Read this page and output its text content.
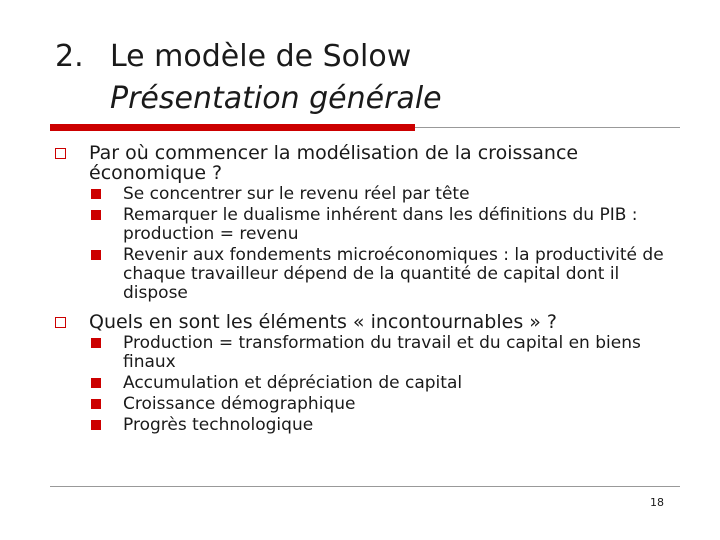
2. Le modèle de Solow
Présentation générale
Par où commencer la modélisation de la croissance économique ?
Se concentrer sur le revenu réel par tête
Remarquer le dualisme inhérent dans les définitions du PIB : production = revenu
Revenir aux fondements microéconomiques : la productivité de chaque travailleur dépend de la quantité de capital dont il dispose
Quels en sont les éléments « incontournables » ?
Production = transformation du travail et du capital en biens finaux
Accumulation et dépréciation de capital
Croissance démographique
Progrès technologique
18
